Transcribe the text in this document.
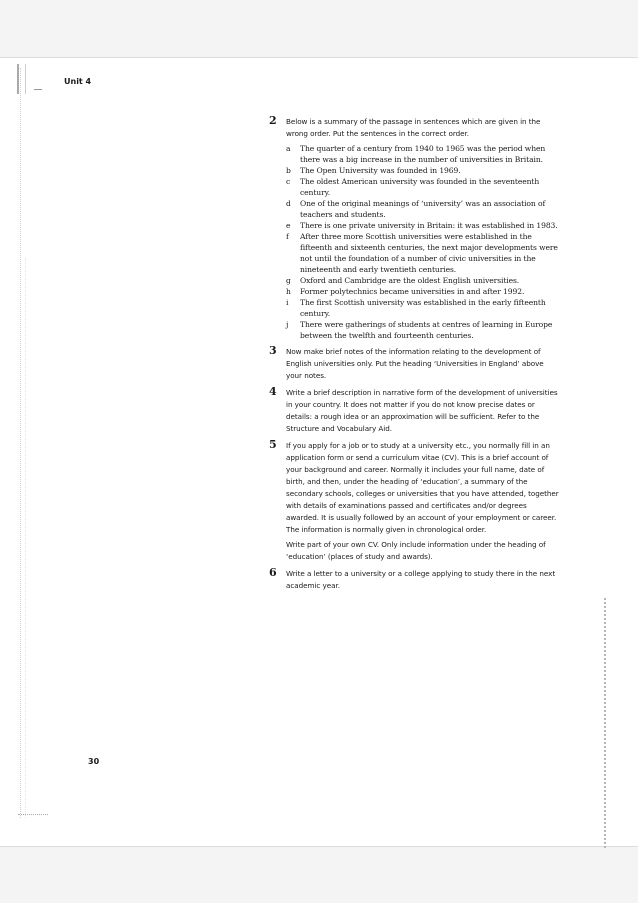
Unit 4
2 Below is a summary of the passage in sentences which are given in the wrong order. Put the sentences in the correct order.
a The quarter of a century from 1940 to 1965 was the period when there was a big increase in the number of universities in Britain.
b The Open University was founded in 1969.
c The oldest American university was founded in the seventeenth century.
d One of the original meanings of ‘university’ was an association of teachers and students.
e There is one private university in Britain: it was established in 1983.
f After three more Scottish universities were established in the fifteenth and sixteenth centuries, the next major developments were not until the foundation of a number of civic universities in the nineteenth and early twentieth centuries.
g Oxford and Cambridge are the oldest English universities.
h Former polytechnics became universities in and after 1992.
i The first Scottish university was established in the early fifteenth century.
j There were gatherings of students at centres of learning in Europe between the twelfth and fourteenth centuries.
3 Now make brief notes of the information relating to the development of English universities only. Put the heading ‘Universities in England’ above your notes.
4 Write a brief description in narrative form of the development of universities in your country. It does not matter if you do not know precise dates or details: a rough idea or an approximation will be sufficient. Refer to the Structure and Vocabulary Aid.
5 If you apply for a job or to study at a university etc., you normally fill in an application form or send a curriculum vitae (CV). This is a brief account of your background and career. Normally it includes your full name, date of birth, and then, under the heading of ‘education’, a summary of the secondary schools, colleges or universities that you have attended, together with details of examinations passed and certificates and/or degrees awarded. It is usually followed by an account of your employment or career. The information is normally given in chronological order.
Write part of your own CV. Only include information under the heading of ‘education’ (places of study and awards).
6 Write a letter to a university or a college applying to study there in the next academic year.
30
